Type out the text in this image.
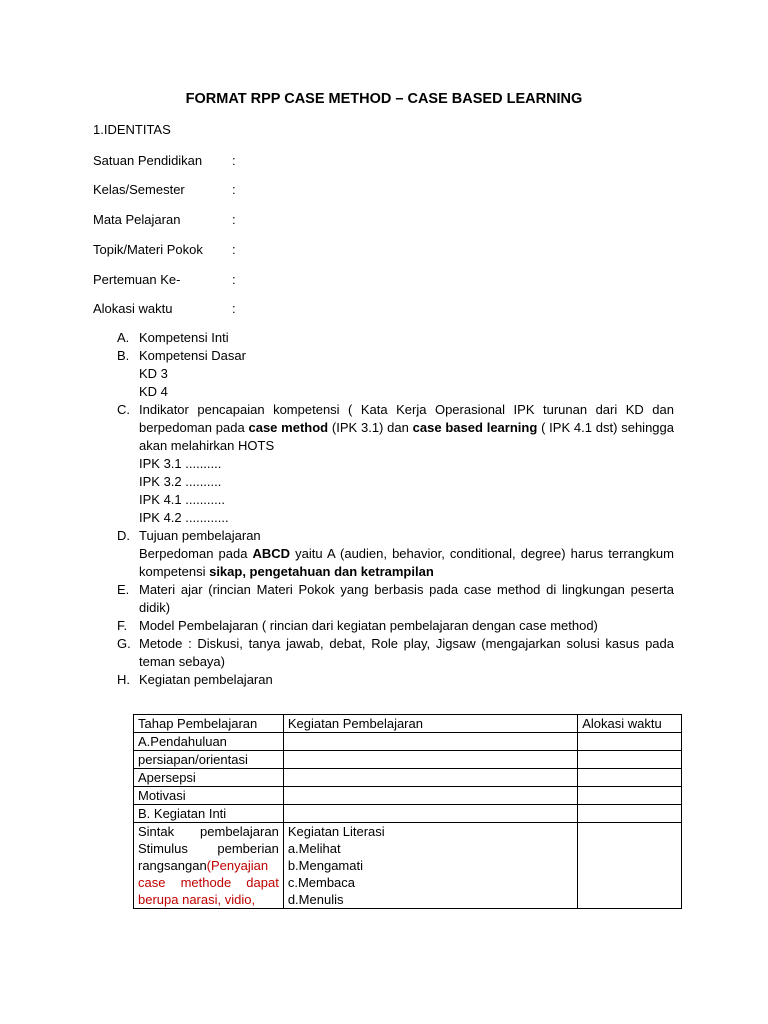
FORMAT RPP CASE METHOD – CASE BASED LEARNING
1.IDENTITAS
Satuan Pendidikan :
Kelas/Semester	:
Mata Pelajaran	:
Topik/Materi Pokok :
Pertemuan Ke-	:
Alokasi waktu	:
A. Kompetensi Inti
B. Kompetensi Dasar
KD 3
KD 4
C. Indikator pencapaian kompetensi ( Kata Kerja Operasional IPK turunan dari KD dan berpedoman pada case method (IPK 3.1) dan case based learning ( IPK 4.1 dst) sehingga akan melahirkan HOTS
IPK 3.1 ..........
IPK 3.2 ..........
IPK 4.1 ...........
IPK 4.2 ............
D. Tujuan pembelajaran
Berpedoman pada ABCD yaitu A (audien, behavior, conditional, degree) harus terrangkum kompetensi sikap, pengetahuan dan ketrampilan
E. Materi ajar (rincian Materi Pokok yang berbasis pada case method di lingkungan peserta didik)
F. Model Pembelajaran ( rincian dari kegiatan pembelajaran dengan case method)
G. Metode : Diskusi, tanya jawab, debat, Role play, Jigsaw (mengajarkan solusi kasus pada teman sebaya)
H. Kegiatan pembelajaran
Tahap Pembelajaran	Kegiatan Pembelajaran	Alokasi waktu
A.Pendahuluan		
persiapan/orientasi		
Apersepsi		
Motivasi		
B. Kegiatan Inti		
Sintak pembelajaran Stimulus pemberian rangsangan(Penyajian case methode dapat berupa narasi, vidio,	Kegiatan Literasi
a.Melihat
b.Mengamati
c.Membaca
d.Menulis	
